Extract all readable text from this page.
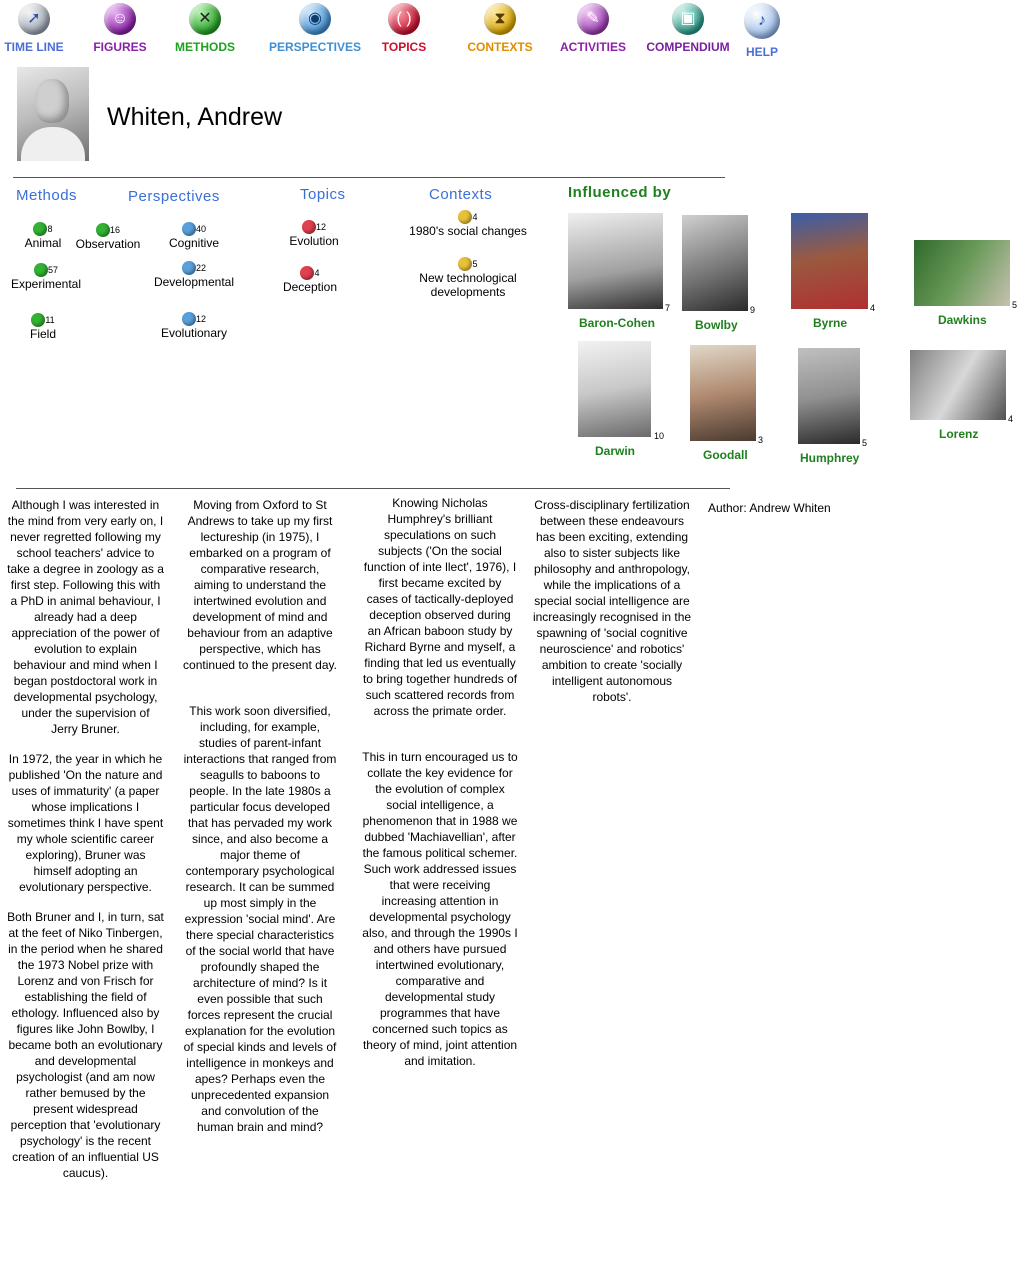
➚
TIME LINE
☺
FIGURES
✕
METHODS
◉
PERSPECTIVES
( )
TOPICS
⧗
CONTEXTS
✎
ACTIVITIES
▣
COMPENDIUM
♪
HELP
Whiten, Andrew
Methods	Perspectives	Topics	Contexts	Influenced by
8
Animal
16
Observation
57
Experimental
11
Field
40
Cognitive
22
Developmental
12
Evolutionary
12
Evolution
4
Deception
4
1980's social changes
5
New technological developments
7
Baron-Cohen
9
Bowlby
4
Byrne
5
Dawkins
10
Darwin
3
Goodall
5
Humphrey
4
Lorenz

Although I was interested in the mind from very early on, I never regretted following my school teachers' advice to take a degree in zoology as a first step. Following this with a PhD in animal behaviour, I already had a deep appreciation of the power of evolution to explain behaviour and mind when I began postdoctoral work in developmental psychology, under the supervision of Jerry Bruner.

In 1972, the year in which he published 'On the nature and uses of immaturity' (a paper whose implications I sometimes think I have spent my whole scientific career exploring), Bruner was himself adopting an evolutionary perspective.

Both Bruner and I, in turn, sat at the feet of Niko Tinbergen, in the period when he shared the 1973 Nobel prize with Lorenz and von Frisch for establishing the field of ethology. Influenced also by figures like John Bowlby, I became both an evolutionary and developmental psychologist (and am now rather bemused by the present widespread perception that 'evolutionary psychology' is the recent creation of an influential US caucus).

Moving from Oxford to St Andrews to take up my first lectureship (in 1975), I embarked on a program of comparative research, aiming to understand the intertwined evolution and development of mind and behaviour from an adaptive perspective, which has continued to the present day.

This work soon diversified, including, for example, studies of parent-infant interactions that ranged from seagulls to baboons to people. In the late 1980s a particular focus developed that has pervaded my work since, and also become a major theme of contemporary psychological research. It can be summed up most simply in the expression 'social mind'. Are there special characteristics of the social world that have profoundly shaped the architecture of mind? Is it even possible that such forces represent the crucial explanation for the evolution of special kinds and levels of intelligence in monkeys and apes? Perhaps even the unprecedented expansion and convolution of the human brain and mind?

Knowing Nicholas Humphrey's brilliant speculations on such subjects ('On the social function of inte llect', 1976), I first became excited by cases of tactically-deployed deception observed during an African baboon study by Richard Byrne and myself, a finding that led us eventually to bring together hundreds of such scattered records from across the primate order.

This in turn encouraged us to collate the key evidence for the evolution of complex social intelligence, a phenomenon that in 1988 we dubbed 'Machiavellian', after the famous political schemer. Such work addressed issues that were receiving increasing attention in developmental psychology also, and through the 1990s I and others have pursued intertwined evolutionary, comparative and developmental study programmes that have concerned such topics as theory of mind, joint attention and imitation.

Cross-disciplinary fertilization between these endeavours has been exciting, extending also to sister subjects like philosophy and anthropology, while the implications of a special social intelligence are increasingly recognised in the spawning of 'social cognitive neuroscience' and robotics' ambition to create 'socially intelligent autonomous robots'.

Author: Andrew Whiten
